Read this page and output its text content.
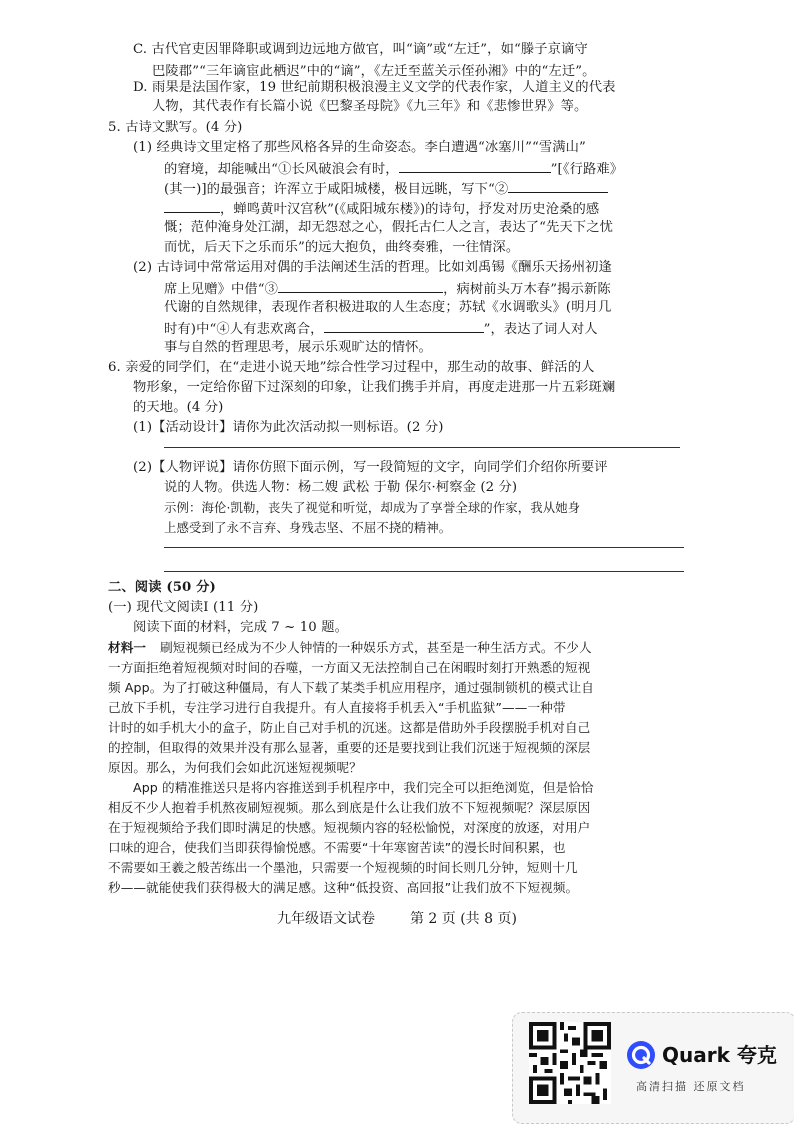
C. 古代官吏因罪降职或调到边远地方做官，叫“谪”或“左迁”，如“滕子京谪守
巴陵郡”“三年谪宦此栖迟”中的“谪”，《左迁至蓝关示侄孙湘》中的“左迁”。
D. 雨果是法国作家，19 世纪前期积极浪漫主义文学的代表作家，人道主义的代表
人物，其代表作有长篇小说《巴黎圣母院》《九三年》和《悲惨世界》等。
5. 古诗文默写。(4 分)
(1) 经典诗文里定格了那些风格各异的生命姿态。李白遭遇“冰塞川”“雪满山”
的窘境，却能喊出“①长风破浪会有时，	”[《行路难》
(其一)]的最强音；许浑立于咸阳城楼，极目远眺，写下“②
，蝉鸣黄叶汉宫秋”(《咸阳城东楼》)的诗句，抒发对历史沧桑的感
慨；范仲淹身处江湖，却无怨怼之心，假托古仁人之言，表达了“先天下之忧
而忧，后天下之乐而乐”的远大抱负，曲终奏雅，一往情深。
(2) 古诗词中常常运用对偶的手法阐述生活的哲理。比如刘禹锡《酬乐天扬州初逢
席上见赠》中借“③	，病树前头万木春”揭示新陈
代谢的自然规律，表现作者积极进取的人生态度；苏轼《水调歌头》(明月几
时有)中“④人有悲欢离合，	”，表达了词人对人
事与自然的哲理思考，展示乐观旷达的情怀。
6. 亲爱的同学们，在“走进小说天地”综合性学习过程中，那生动的故事、鲜活的人
物形象，一定给你留下过深刻的印象，让我们携手并肩，再度走进那一片五彩斑斓
的天地。(4 分)
(1)【活动设计】请你为此次活动拟一则标语。(2 分)
(2)【人物评说】请你仿照下面示例，写一段简短的文字，向同学们介绍你所要评
说的人物。供选人物：杨二嫂 武松 于勒 保尔·柯察金 (2 分)
示例：海伦·凯勒，丧失了视觉和听觉，却成为了享誉全球的作家，我从她身
上感受到了永不言弃、身残志坚、不屈不挠的精神。
二、阅读 (50 分)
(一) 现代文阅读Ⅰ (11 分)
阅读下面的材料，完成 7 ~ 10 题。
材料一 刷短视频已经成为不少人钟情的一种娱乐方式，甚至是一种生活方式。不少人
一方面拒绝着短视频对时间的吞噬，一方面又无法控制自己在闲暇时刻打开熟悉的短视
频 App。为了打破这种僵局，有人下载了某类手机应用程序，通过强制锁机的模式让自
己放下手机，专注学习进行自我提升。有人直接将手机丢入“手机监狱”——一种带
计时的如手机大小的盒子，防止自己对手机的沉迷。这都是借助外手段摆脱手机对自己
的控制，但取得的效果并没有那么显著，重要的还是要找到让我们沉迷于短视频的深层
原因。那么，为何我们会如此沉迷短视频呢？
App 的精准推送只是将内容推送到手机程序中，我们完全可以拒绝浏览，但是恰恰
相反不少人抱着手机熬夜刷短视频。那么到底是什么让我们放不下短视频呢？深层原因
在于短视频给予我们即时满足的快感。短视频内容的轻松愉悦，对深度的放逐，对用户
口味的迎合，使我们当即获得愉悦感。不需要“十年寒窗苦读”的漫长时间积累，也
不需要如王羲之般苦练出一个墨池，只需要一个短视频的时间长则几分钟，短则十几
秒——就能使我们获得极大的满足感。这种“低投资、高回报”让我们放不下短视频。
九年级语文试卷 第 2 页 (共 8 页)
Quark 夸克
高清扫描 还原文档
